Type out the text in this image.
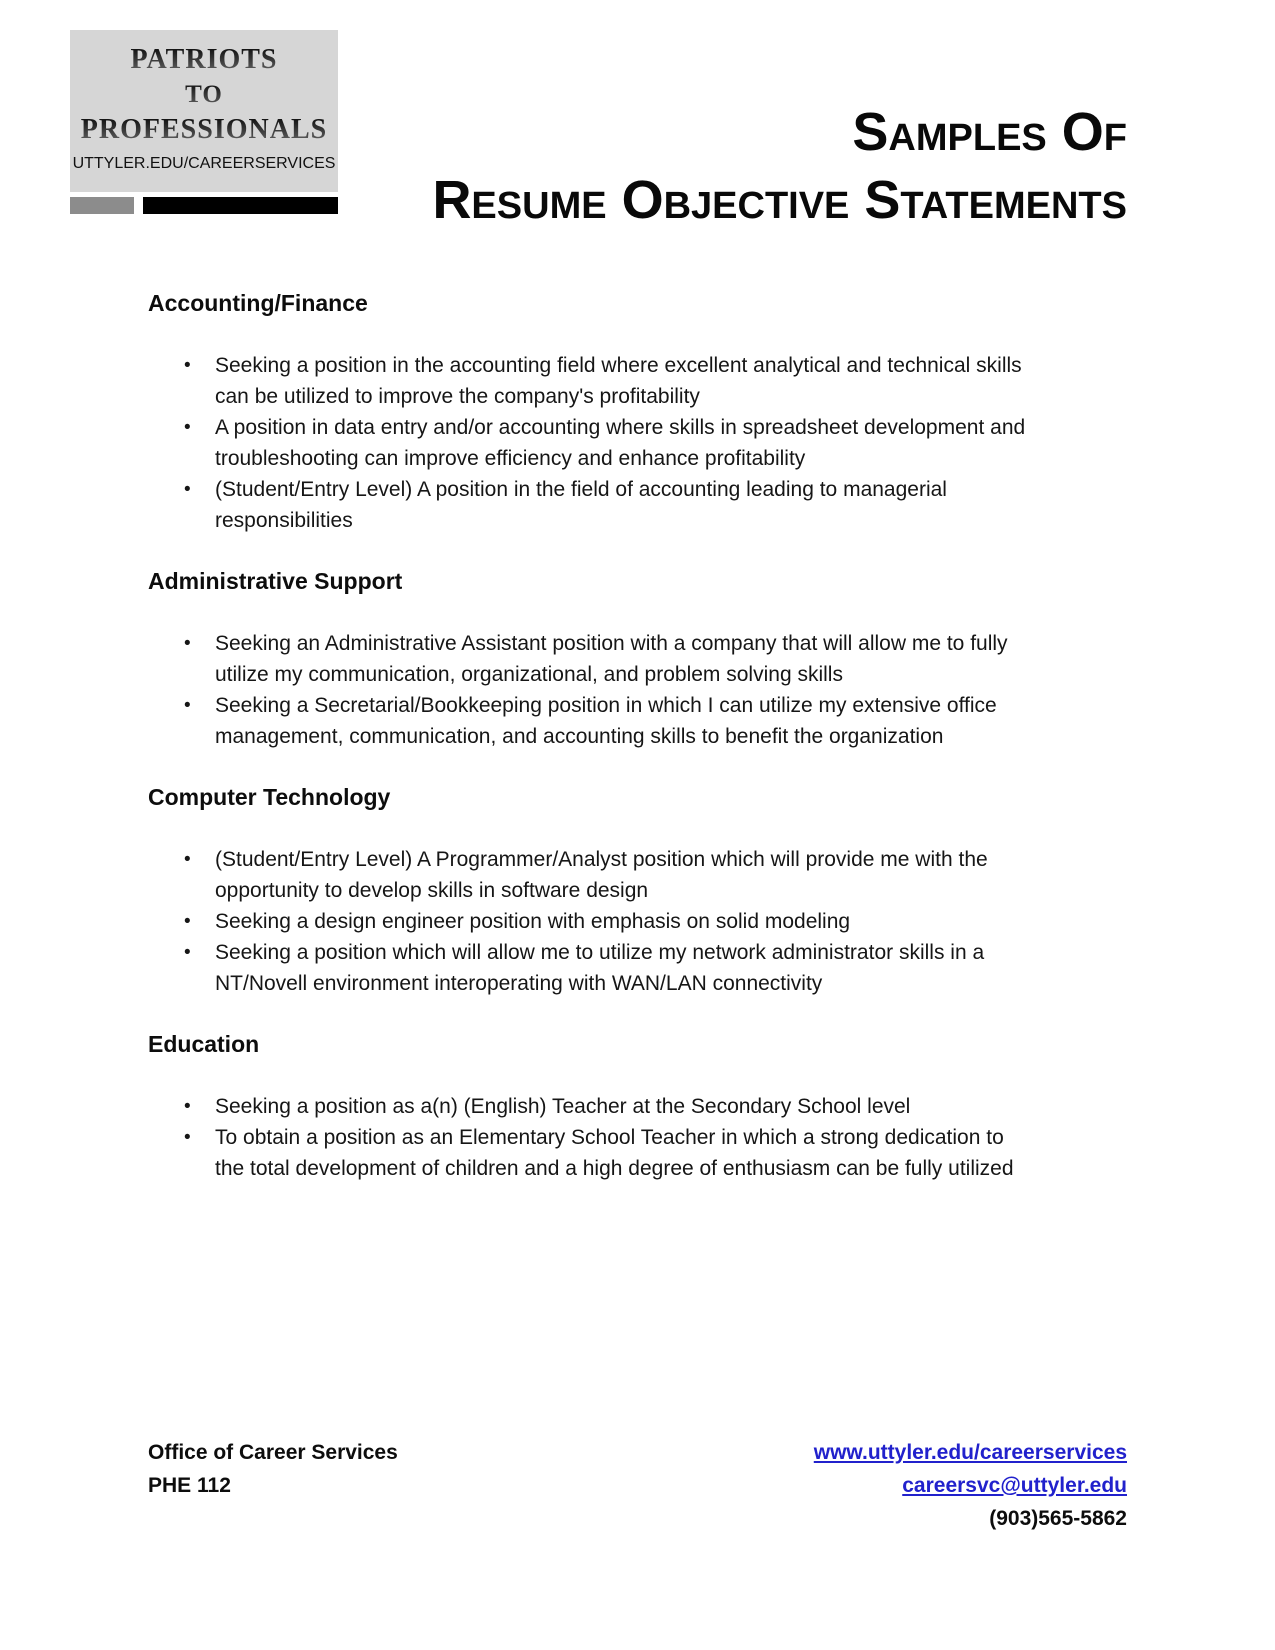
PATRIOTS
TO
PROFESSIONALS
UTTYLER.EDU/CAREERSERVICES
Samples Of
Resume Objective Statements
Accounting/Finance
• Seeking a position in the accounting field where excellent analytical and technical skills can be utilized to improve the company's profitability
• A position in data entry and/or accounting where skills in spreadsheet development and troubleshooting can improve efficiency and enhance profitability
• (Student/Entry Level) A position in the field of accounting leading to managerial responsibilities
Administrative Support
• Seeking an Administrative Assistant position with a company that will allow me to fully utilize my communication, organizational, and problem solving skills
• Seeking a Secretarial/Bookkeeping position in which I can utilize my extensive office management, communication, and accounting skills to benefit the organization
Computer Technology
• (Student/Entry Level) A Programmer/Analyst position which will provide me with the opportunity to develop skills in software design
• Seeking a design engineer position with emphasis on solid modeling
• Seeking a position which will allow me to utilize my network administrator skills in a NT/Novell environment interoperating with WAN/LAN connectivity
Education
• Seeking a position as a(n) (English) Teacher at the Secondary School level
• To obtain a position as an Elementary School Teacher in which a strong dedication to the total development of children and a high degree of enthusiasm can be fully utilized
Office of Career Services
PHE 112
www.uttyler.edu/careerservices
careersvc@uttyler.edu
(903)565-5862
